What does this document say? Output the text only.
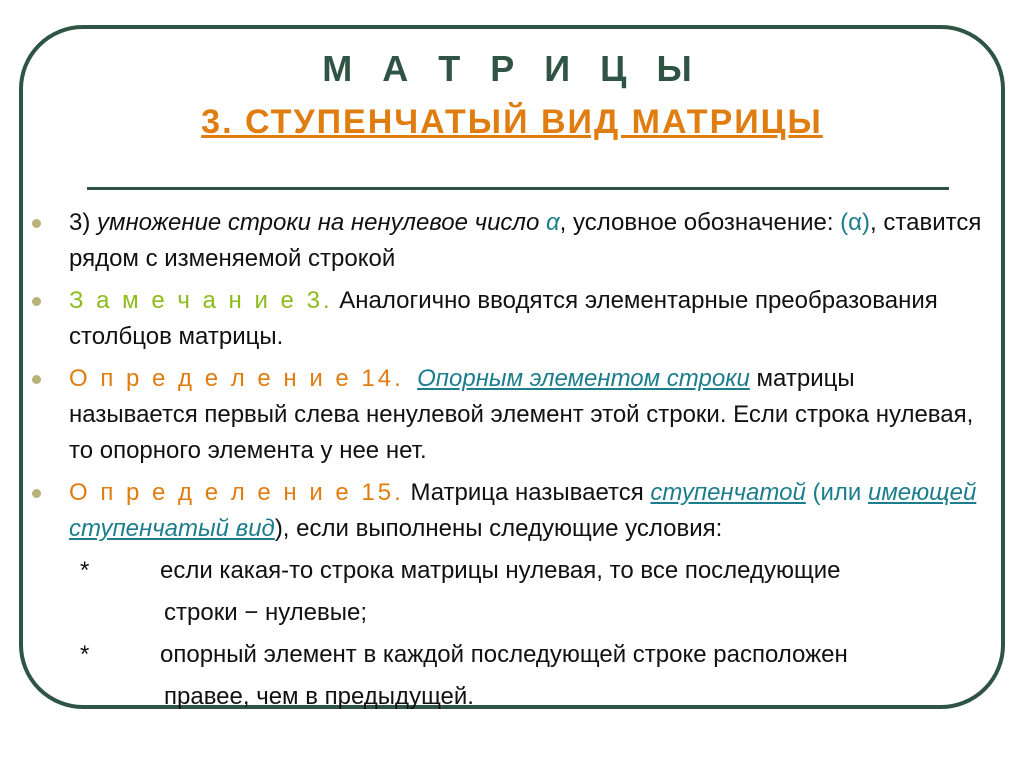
М А Т Р И Ц Ы
3. СТУПЕНЧАТЫЙ ВИД МАТРИЦЫ
3) умножение строки на ненулевое число α, условное обозначение: (α), ставится рядом с изменяемой строкой
З а м е ч а н и е 3. Аналогично вводятся элементарные преобразования столбцов матрицы.
О п р е д е л е н и е 14. Опорным элементом строки матрицы называется первый слева ненулевой элемент этой строки. Если строка нулевая, то опорного элемента у нее нет.
О п р е д е л е н и е 15. Матрица называется ступенчатой (или имеющей ступенчатый вид), если выполнены следующие условия:
*	если какая-то строка матрицы нулевая, то все последующие
строки − нулевые;
*	опорный элемент в каждой последующей строке расположен
правее, чем в предыдущей.
